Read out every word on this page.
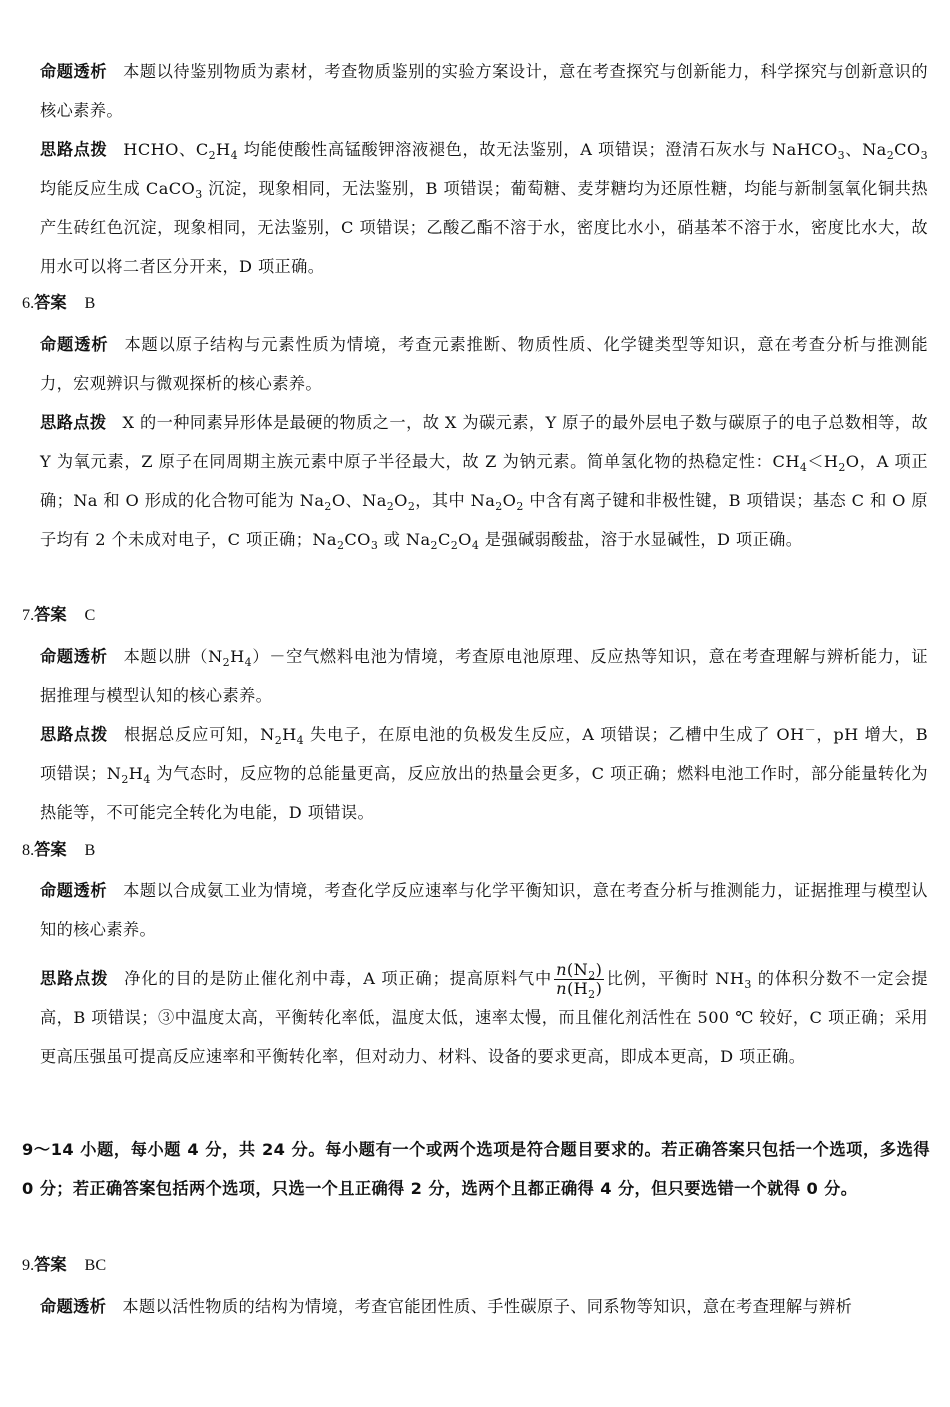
命题透析 本题以待鉴别物质为素材，考查物质鉴别的实验方案设计，意在考查探究与创新能力，科学探究与创新意识的核心素养。
思路点拨 HCHO、$C_2H_4$ 均能使酸性高锰酸钾溶液褪色，故无法鉴别，A 项错误；澄清石灰水与 NaHCO$_3$、$Na_2CO_3$ 均能反应生成 CaCO$_3$ 沉淀，现象相同，无法鉴别，B 项错误；葡萄糖、麦芽糖均为还原性糖，均能与新制氢氧化铜共热产生砖红色沉淀，现象相同，无法鉴别，C 项错误；乙酸乙酯不溶于水，密度比水小，硝基苯不溶于水，密度比水大，故用水可以将二者区分开来，D 项正确。
6.答案 B
命题透析 本题以原子结构与元素性质为情境，考查元素推断、物质性质、化学键类型等知识，意在考查分析与推测能力，宏观辨识与微观探析的核心素养。
思路点拨 X 的一种同素异形体是最硬的物质之一，故 X 为碳元素，Y 原子的最外层电子数与碳原子的电子总数相等，故 Y 为氧元素，Z 原子在同周期主族元素中原子半径最大，故 Z 为钠元素。简单氢化物的热稳定性：$CH_4<H_2O$，A 项正确；Na 和 O 形成的化合物可能为 $Na_2O$、$Na_2O_2$，其中 $Na_2O_2$ 中含有离子键和非极性键，B 项错误；基态 C 和 O 原子均有 2 个未成对电子，C 项正确；$Na_2CO_3$ 或 $Na_2C_2O_4$ 是强碱弱酸盐，溶于水显碱性，D 项正确。
7.答案 C
命题透析 本题以肼$(N_2H_4)-$空气燃料电池为情境，考查原电池原理、反应热等知识，意在考查理解与辨析能力，证据推理与模型认知的核心素养。
思路点拨 根据总反应可知，$N_2H_4$ 失电子，在原电池的负极发生反应，A 项错误；乙槽中生成了 OH－，pH 增大，B 项错误；$N_2H_4$ 为气态时，反应物的总能量更高，反应放出的热量会更多，C 项正确；燃料电池工作时，部分能量转化为热能等，不可能完全转化为电能，D 项错误。
8.答案 B
命题透析 本题以合成氨工业为情境，考查化学反应速率与化学平衡知识，意在考查分析与推测能力，证据推理与模型认知的核心素养。
思路点拨 净化的目的是防止催化剂中毒，A 项正确；提高原料气中 $\frac{n(N_2)}{n(H_2)}$ 比例，平衡时 $NH_3$ 的体积分数不一定会提高，B 项错误；③中温度太高，平衡转化率低，温度太低，速率太慢，而且催化剂活性在 500 ℃ 较好，C 项正确；采用更高压强虽可提高反应速率和平衡转化率，但对动力、材料、设备的要求更高，即成本更高，D 项正确。
9～14 小题，每小题 4 分，共 24 分。每小题有一个或两个选项是符合题目要求的。若正确答案只包括一个选项，多选得 0 分；若正确答案包括两个选项，只选一个且正确得 2 分，选两个且都正确得 4 分，但只要选错一个就得 0 分。
9.答案 BC
命题透析 本题以活性物质的结构为情境，考查官能团性质、手性碳原子、同系物等知识，意在考查理解与辨析
